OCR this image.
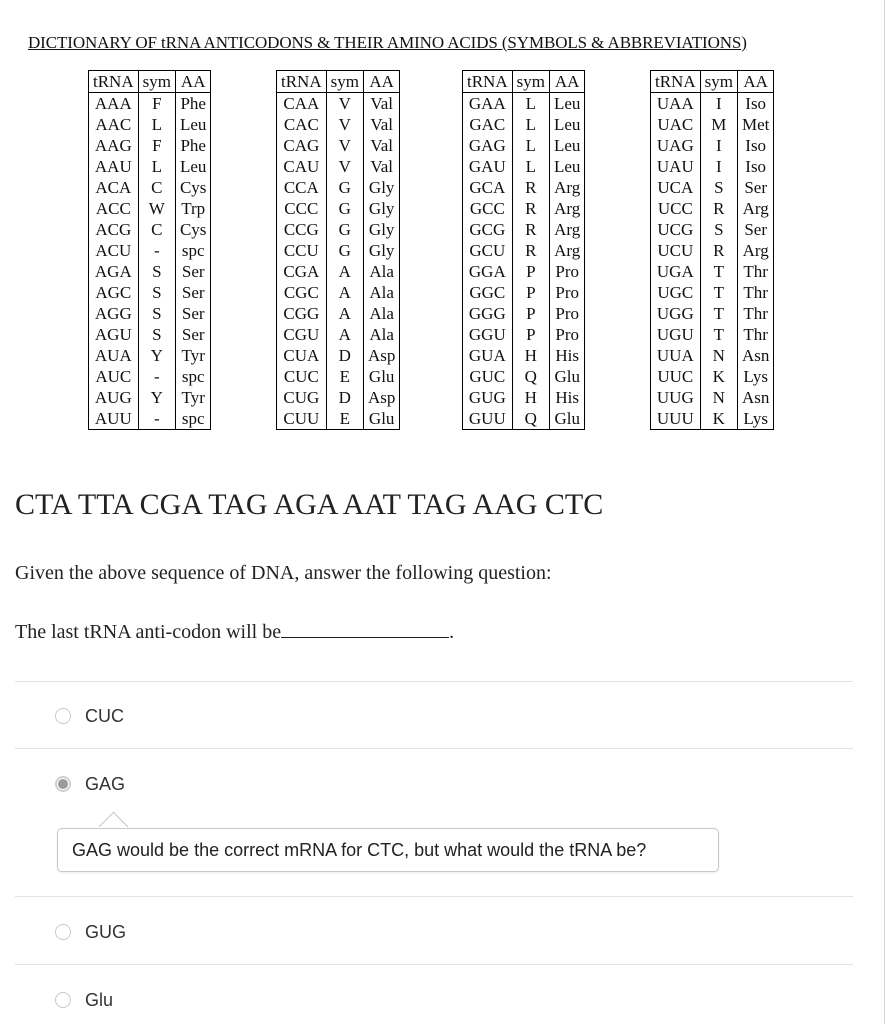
DICTIONARY OF tRNA ANTICODONS & THEIR AMINO ACIDS (SYMBOLS & ABBREVIATIONS)
tRNA	sym	AA
AAA	F	Phe
AAC	L	Leu
AAG	F	Phe
AAU	L	Leu
ACA	C	Cys
ACC	W	Trp
ACG	C	Cys
ACU	-	spc
AGA	S	Ser
AGC	S	Ser
AGG	S	Ser
AGU	S	Ser
AUA	Y	Tyr
AUC	-	spc
AUG	Y	Tyr
AUU	-	spc
tRNA	sym	AA
CAA	V	Val
CAC	V	Val
CAG	V	Val
CAU	V	Val
CCA	G	Gly
CCC	G	Gly
CCG	G	Gly
CCU	G	Gly
CGA	A	Ala
CGC	A	Ala
CGG	A	Ala
CGU	A	Ala
CUA	D	Asp
CUC	E	Glu
CUG	D	Asp
CUU	E	Glu
tRNA	sym	AA
GAA	L	Leu
GAC	L	Leu
GAG	L	Leu
GAU	L	Leu
GCA	R	Arg
GCC	R	Arg
GCG	R	Arg
GCU	R	Arg
GGA	P	Pro
GGC	P	Pro
GGG	P	Pro
GGU	P	Pro
GUA	H	His
GUC	Q	Glu
GUG	H	His
GUU	Q	Glu
tRNA	sym	AA
UAA	I	Iso
UAC	M	Met
UAG	I	Iso
UAU	I	Iso
UCA	S	Ser
UCC	R	Arg
UCG	S	Ser
UCU	R	Arg
UGA	T	Thr
UGC	T	Thr
UGG	T	Thr
UGU	T	Thr
UUA	N	Asn
UUC	K	Lys
UUG	N	Asn
UUU	K	Lys
CTA TTA CGA TAG AGA AAT TAG AAG CTC
Given the above sequence of DNA, answer the following question:
The last tRNA anti-codon will be	.
CUC
GAG
GAG would be the correct mRNA for CTC, but what would the tRNA be?
GUG
Glu
